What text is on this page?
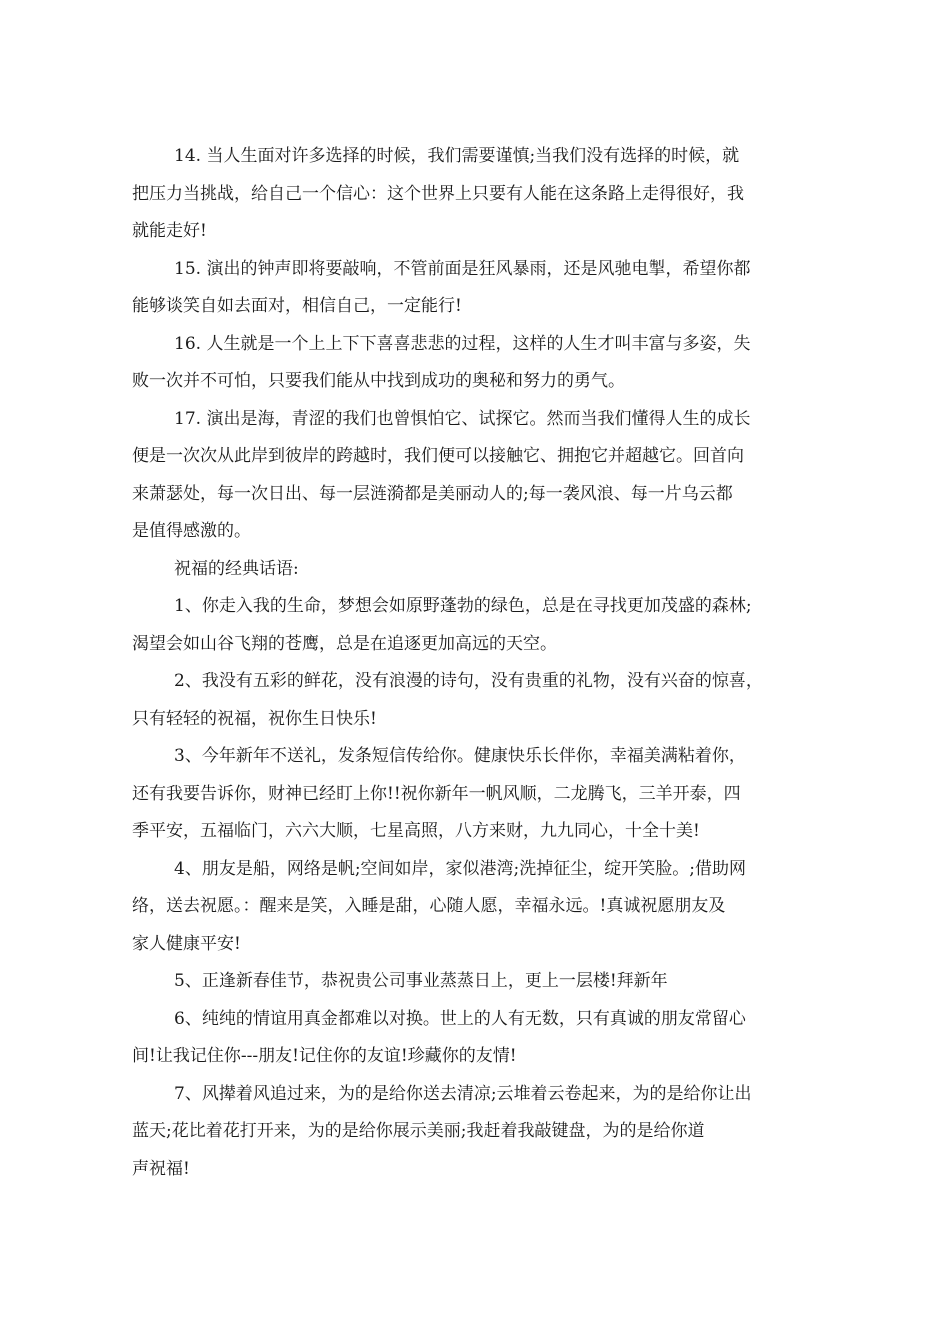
14. 当人生面对许多选择的时候，我们需要谨慎;当我们没有选择的时候，就
把压力当挑战，给自己一个信心：这个世界上只要有人能在这条路上走得很好，我
就能走好!

15. 演出的钟声即将要敲响，不管前面是狂风暴雨，还是风驰电掣，希望你都
能够谈笑自如去面对，相信自己，一定能行!

16. 人生就是一个上上下下喜喜悲悲的过程，这样的人生才叫丰富与多姿，失
败一次并不可怕，只要我们能从中找到成功的奥秘和努力的勇气。

17. 演出是海，青涩的我们也曾惧怕它、试探它。然而当我们懂得人生的成长
便是一次次从此岸到彼岸的跨越时，我们便可以接触它、拥抱它并超越它。回首向
来萧瑟处，每一次日出、每一层涟漪都是美丽动人的;每一袭风浪、每一片乌云都
是值得感激的。

祝福的经典话语:

1、你走入我的生命，梦想会如原野蓬勃的绿色，总是在寻找更加茂盛的森林;
渴望会如山谷飞翔的苍鹰，总是在追逐更加高远的天空。

2、我没有五彩的鲜花，没有浪漫的诗句，没有贵重的礼物，没有兴奋的惊喜，
只有轻轻的祝福，祝你生日快乐!

3、今年新年不送礼，发条短信传给你。健康快乐长伴你，幸福美满粘着你，
还有我要告诉你，财神已经盯上你!!祝你新年一帆风顺，二龙腾飞，三羊开泰，四
季平安，五福临门，六六大顺，七星高照，八方来财，九九同心，十全十美!

4、朋友是船，网络是帆;空间如岸，家似港湾;洗掉征尘，绽开笑脸。;借助网
络，送去祝愿。：醒来是笑，入睡是甜，心随人愿，幸福永远。!真诚祝愿朋友及
家人健康平安!

5、正逢新春佳节，恭祝贵公司事业蒸蒸日上，更上一层楼!拜新年

6、纯纯的情谊用真金都难以对换。世上的人有无数，只有真诚的朋友常留心
间!让我记住你---朋友!记住你的友谊!珍藏你的友情!

7、风撵着风追过来，为的是给你送去清凉;云堆着云卷起来，为的是给你让出
蓝天;花比着花打开来，为的是给你展示美丽;我赶着我敲键盘，为的是给你道
声祝福!
